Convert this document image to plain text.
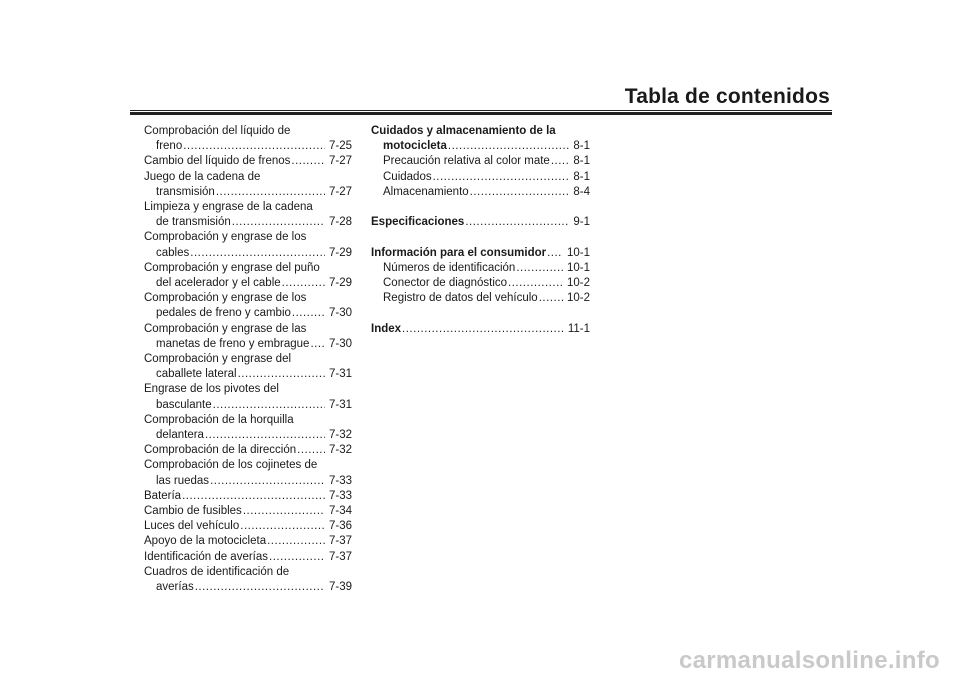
Tabla de contenidos
Comprobación del líquido de
freno .....	7-25
Cambio del líquido de frenos .....	7-27
Juego de la cadena de
transmisión .....	7-27
Limpieza y engrase de la cadena
de transmisión .....	7-28
Comprobación y engrase de los
cables .....	7-29
Comprobación y engrase del puño
del acelerador y el cable .....	7-29
Comprobación y engrase de los
pedales de freno y cambio .....	7-30
Comprobación y engrase de las
manetas de freno y embrague ..... 7-30
Comprobación y engrase del
caballete lateral .....	7-31
Engrase de los pivotes del
basculante .....	7-31
Comprobación de la horquilla
delantera .....	7-32
Comprobación de la dirección .....	7-32
Comprobación de los cojinetes de
las ruedas .....	7-33
Batería .....	7-33
Cambio de fusibles .....	7-34
Luces del vehículo .....	7-36
Apoyo de la motocicleta .....	7-37
Identificación de averías .....	7-37
Cuadros de identificación de
averías .....	7-39
Cuidados y almacenamiento de la
motocicleta .....	8-1
Precaución relativa al color mate ..... 8-1
Cuidados .....	8-1
Almacenamiento .....	8-4
Especificaciones .....	9-1
Información para el consumidor ..... 10-1
Números de identificación .....	10-1
Conector de diagnóstico .....	10-2
Registro de datos del vehículo .....	10-2
Index .....	11-1
carmanualsonline.info
